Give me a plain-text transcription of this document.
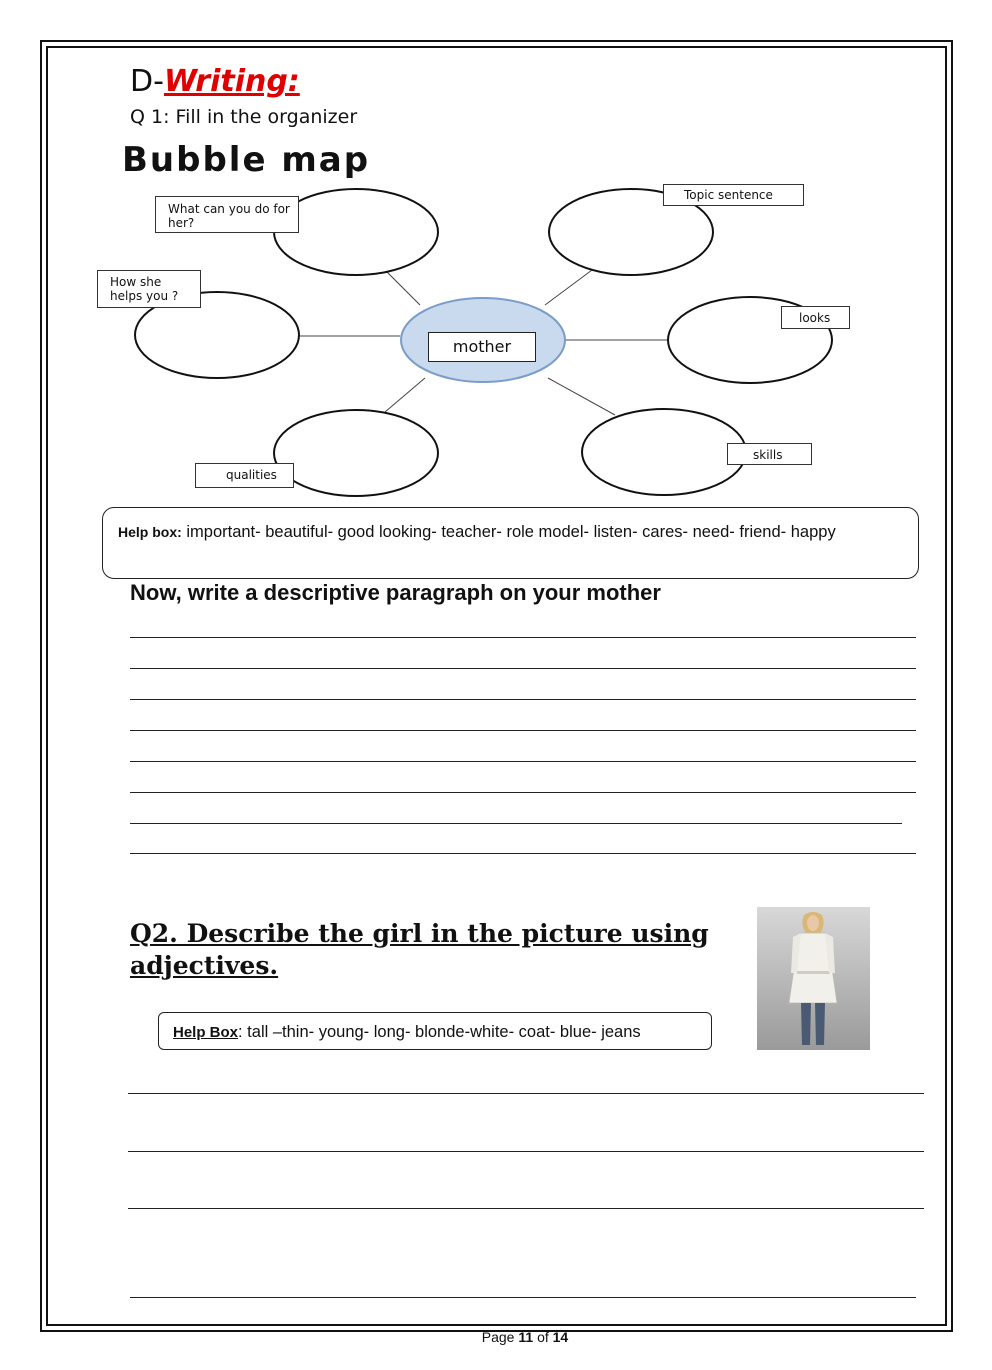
D-Writing:
Q 1: Fill in the organizer
Bubble map
What can you do for her?
Topic sentence
How she helps you ?
looks
qualities
skills
mother
Help box: important- beautiful- good looking- teacher- role model- listen- cares- need- friend- happy
Now, write a descriptive paragraph on your mother
Q2. Describe the girl in the picture using adjectives.
Help Box: tall –thin- young- long- blonde-white- coat- blue- jeans
Page 11 of 14
